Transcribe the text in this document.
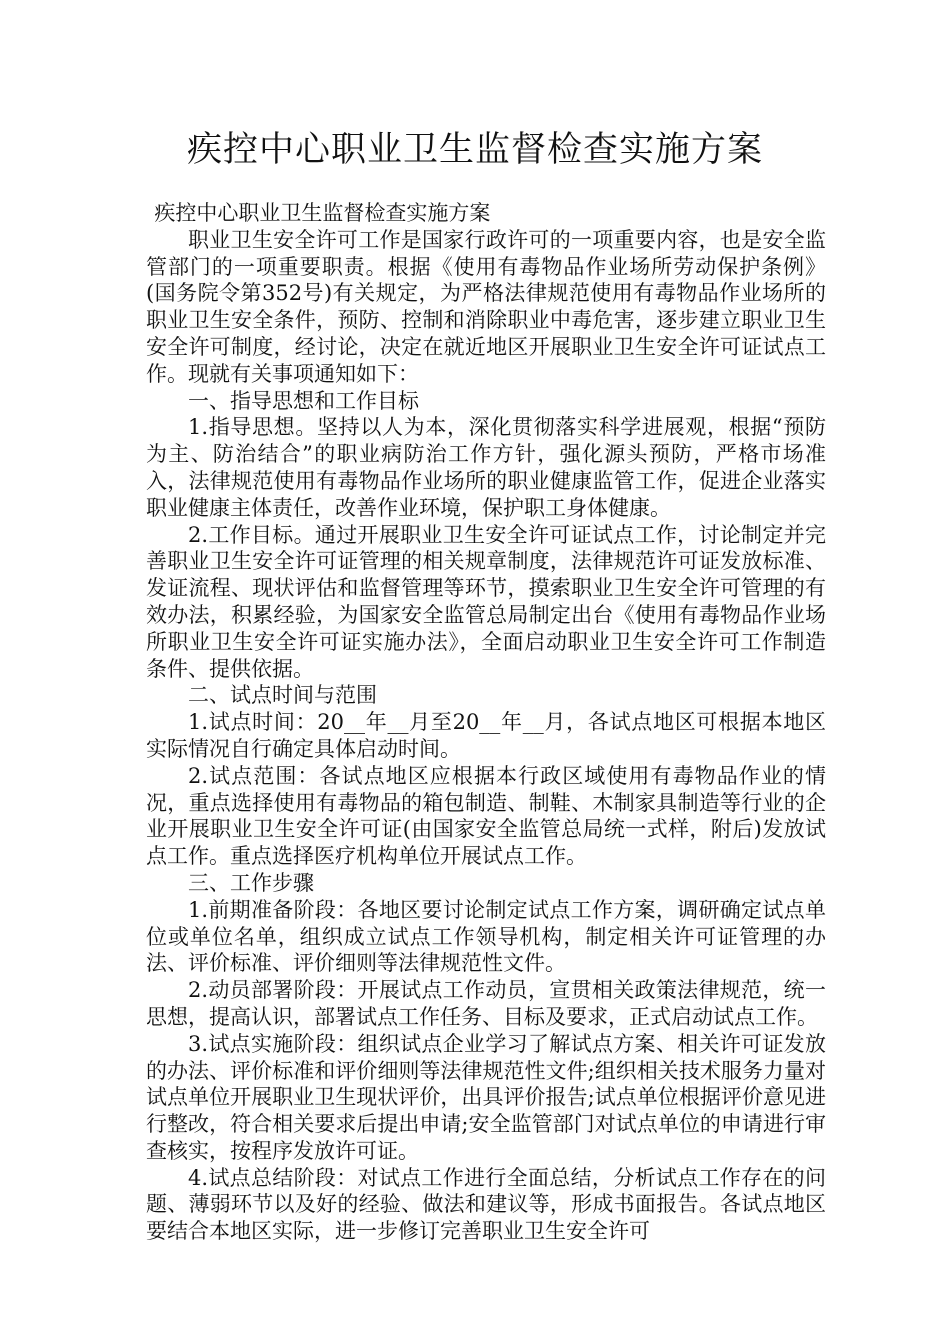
疾控中心职业卫生监督检查实施方案

疾控中心职业卫生监督检查实施方案

职业卫生安全许可工作是国家行政许可的一项重要内容，也是安全监管部门的一项重要职责。根据《使用有毒物品作业场所劳动保护条例》(国务院令第352号)有关规定，为严格法律规范使用有毒物品作业场所的职业卫生安全条件，预防、控制和消除职业中毒危害，逐步建立职业卫生安全许可制度，经讨论，决定在就近地区开展职业卫生安全许可证试点工作。现就有关事项通知如下：

一、指导思想和工作目标

1.指导思想。坚持以人为本，深化贯彻落实科学进展观，根据“预防为主、防治结合”的职业病防治工作方针，强化源头预防，严格市场准入，法律规范使用有毒物品作业场所的职业健康监管工作，促进企业落实职业健康主体责任，改善作业环境，保护职工身体健康。

2.工作目标。通过开展职业卫生安全许可证试点工作，讨论制定并完善职业卫生安全许可证管理的相关规章制度，法律规范许可证发放标准、发证流程、现状评估和监督管理等环节，摸索职业卫生安全许可管理的有效办法，积累经验，为国家安全监管总局制定出台《使用有毒物品作业场所职业卫生安全许可证实施办法》，全面启动职业卫生安全许可工作制造条件、提供依据。

二、试点时间与范围

1.试点时间：20__年__月至20__年__月，各试点地区可根据本地区实际情况自行确定具体启动时间。

2.试点范围：各试点地区应根据本行政区域使用有毒物品作业的情况，重点选择使用有毒物品的箱包制造、制鞋、木制家具制造等行业的企业开展职业卫生安全许可证(由国家安全监管总局统一式样，附后)发放试点工作。重点选择医疗机构单位开展试点工作。

三、工作步骤

1.前期准备阶段：各地区要讨论制定试点工作方案，调研确定试点单位或单位名单，组织成立试点工作领导机构，制定相关许可证管理的办法、评价标准、评价细则等法律规范性文件。

2.动员部署阶段：开展试点工作动员，宣贯相关政策法律规范，统一思想，提高认识，部署试点工作任务、目标及要求，正式启动试点工作。

3.试点实施阶段：组织试点企业学习了解试点方案、相关许可证发放的办法、评价标准和评价细则等法律规范性文件;组织相关技术服务力量对试点单位开展职业卫生现状评价，出具评价报告;试点单位根据评价意见进行整改，符合相关要求后提出申请;安全监管部门对试点单位的申请进行审查核实，按程序发放许可证。

4.试点总结阶段：对试点工作进行全面总结，分析试点工作存在的问题、薄弱环节以及好的经验、做法和建议等，形成书面报告。各试点地区要结合本地区实际，进一步修订完善职业卫生安全许可
